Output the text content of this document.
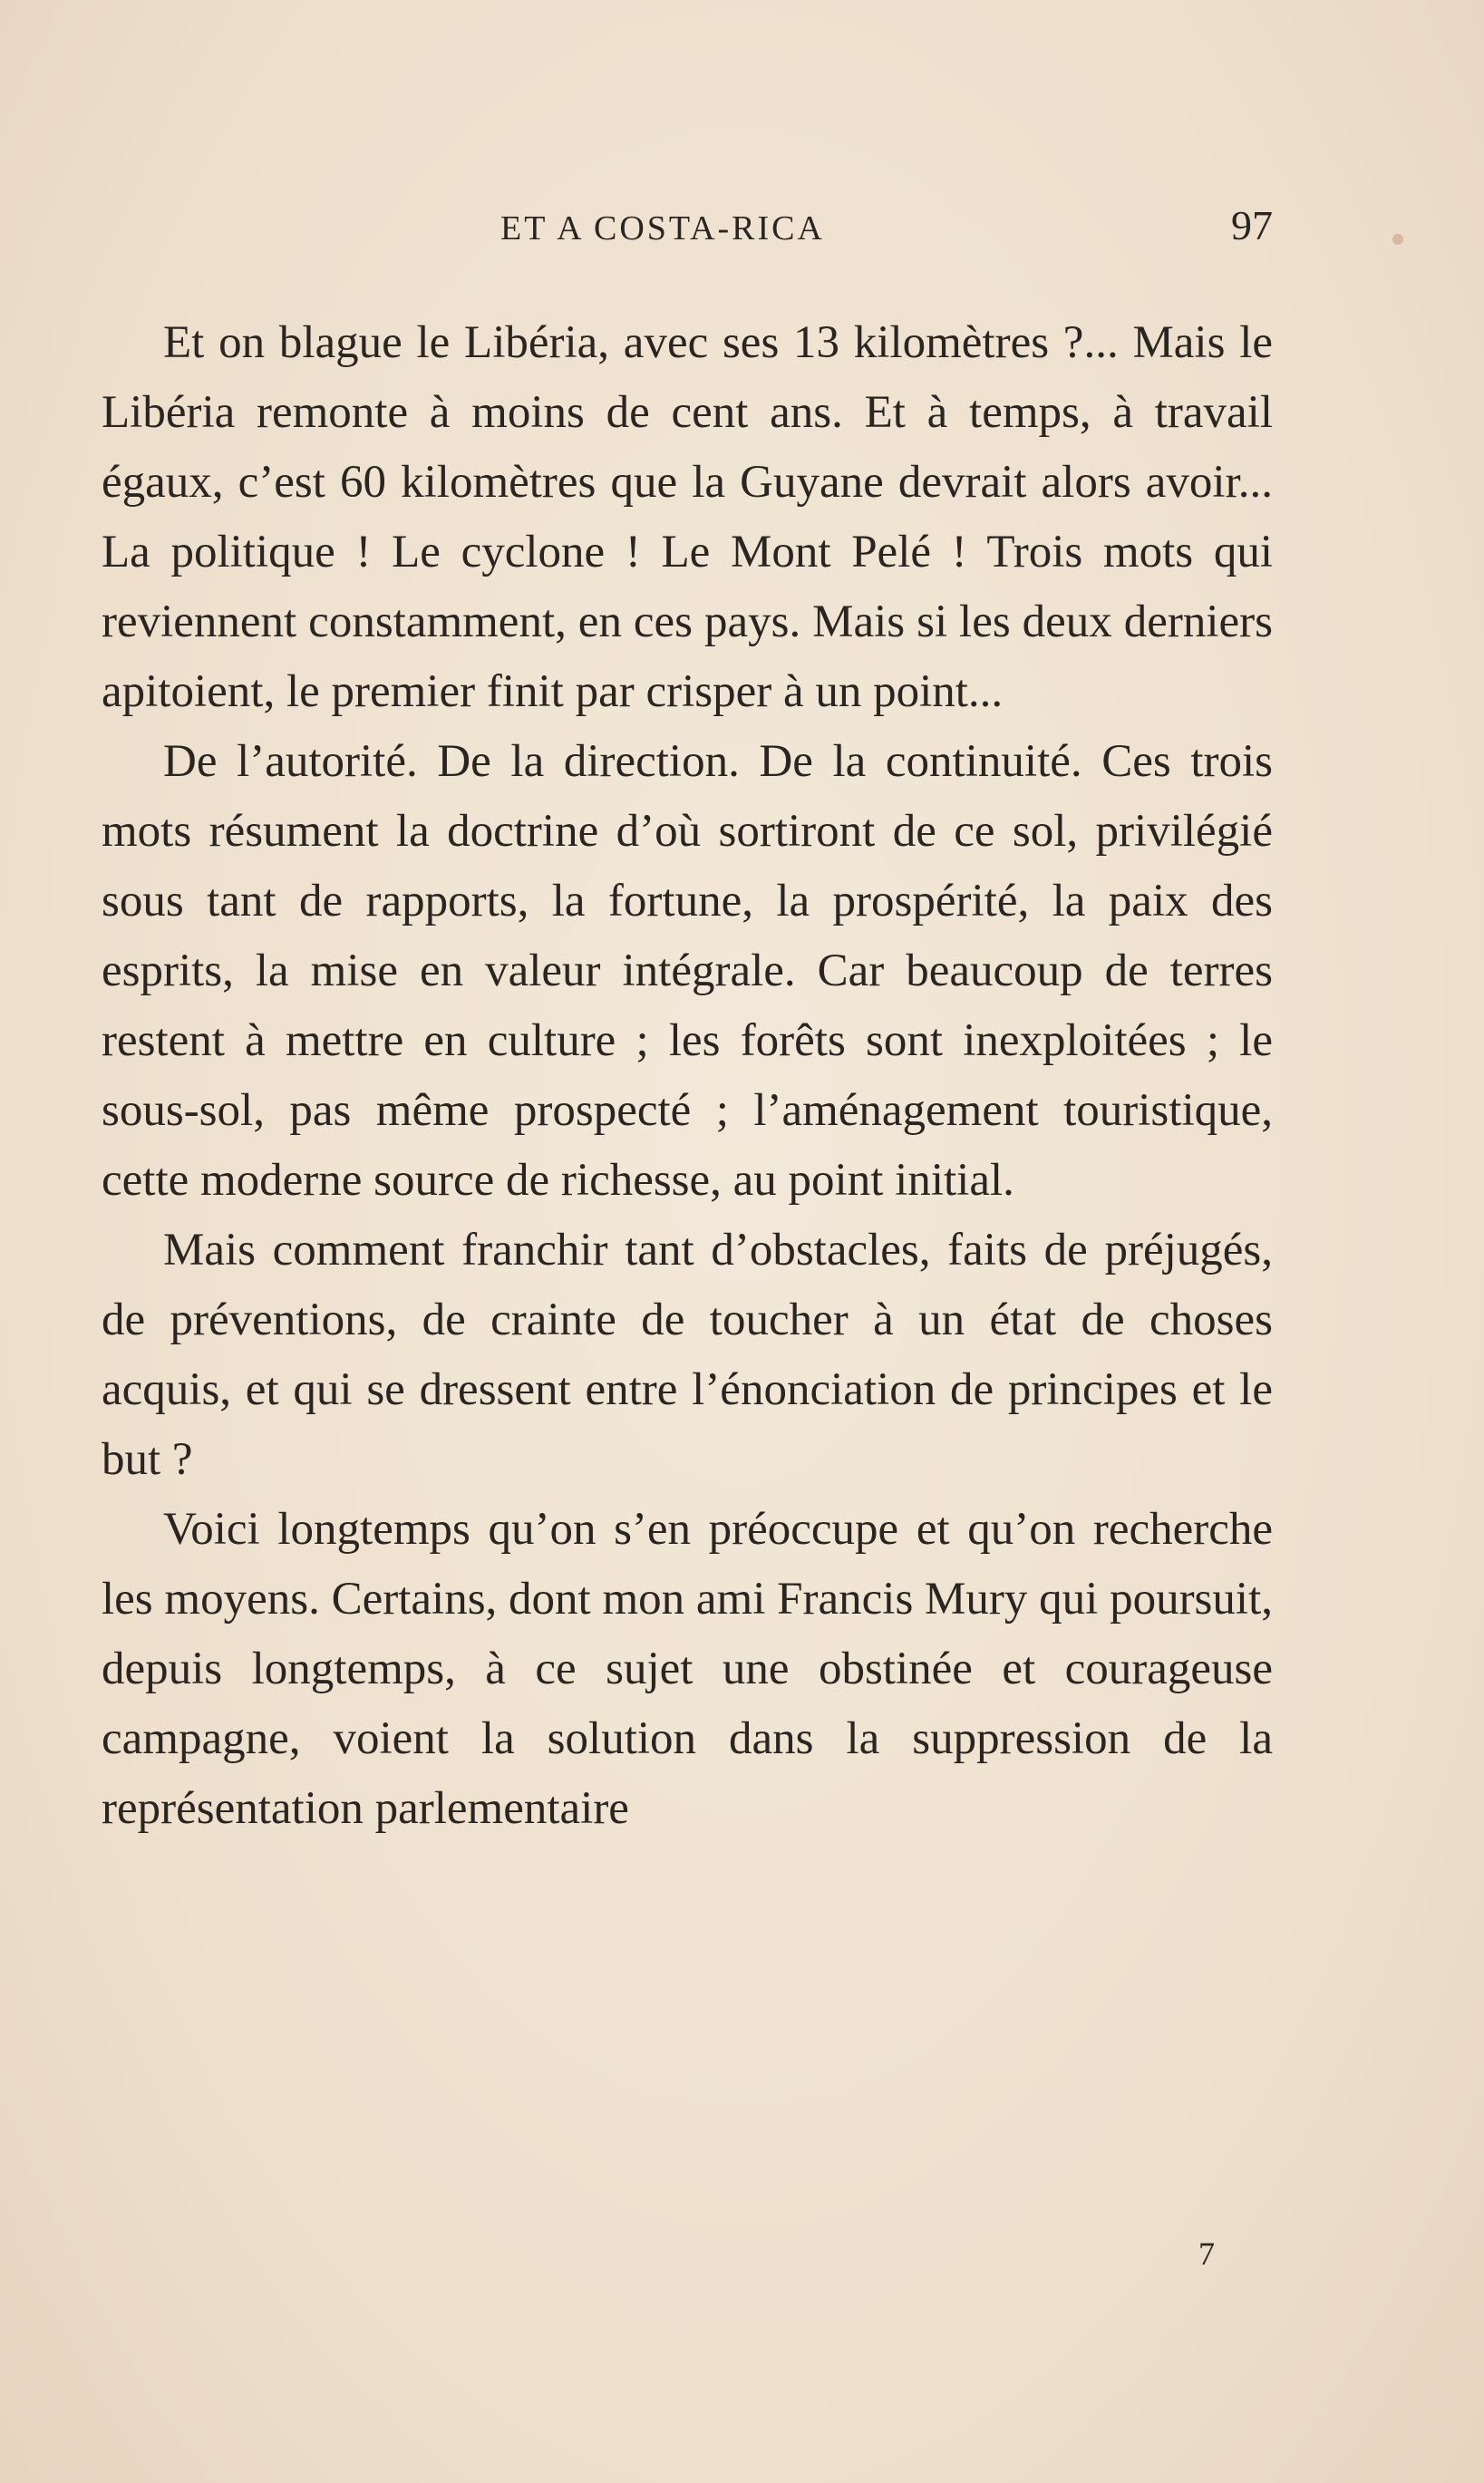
ET A COSTA-RICA	97

Et on blague le Libéria, avec ses 13 kilomètres ?... Mais le Libéria remonte à moins de cent ans. Et à temps, à travail égaux, c’est 60 kilomètres que la Guyane devrait alors avoir... La politique ! Le cyclone ! Le Mont Pelé ! Trois mots qui reviennent constamment, en ces pays. Mais si les deux derniers apitoient, le premier finit par crisper à un point...

De l’autorité. De la direction. De la continuité. Ces trois mots résument la doctrine d’où sortiront de ce sol, privilégié sous tant de rapports, la fortune, la prospérité, la paix des esprits, la mise en valeur intégrale. Car beaucoup de terres restent à mettre en culture ; les forêts sont inexploitées ; le sous-sol, pas même prospecté ; l’aménagement touristique, cette moderne source de richesse, au point initial.

Mais comment franchir tant d’obstacles, faits de préjugés, de préventions, de crainte de toucher à un état de choses acquis, et qui se dressent entre l’énonciation de principes et le but ?

Voici longtemps qu’on s’en préoccupe et qu’on recherche les moyens. Certains, dont mon ami Francis Mury qui poursuit, depuis longtemps, à ce sujet une obstinée et courageuse campagne, voient la solution dans la suppression de la représentation parlementaire

7
